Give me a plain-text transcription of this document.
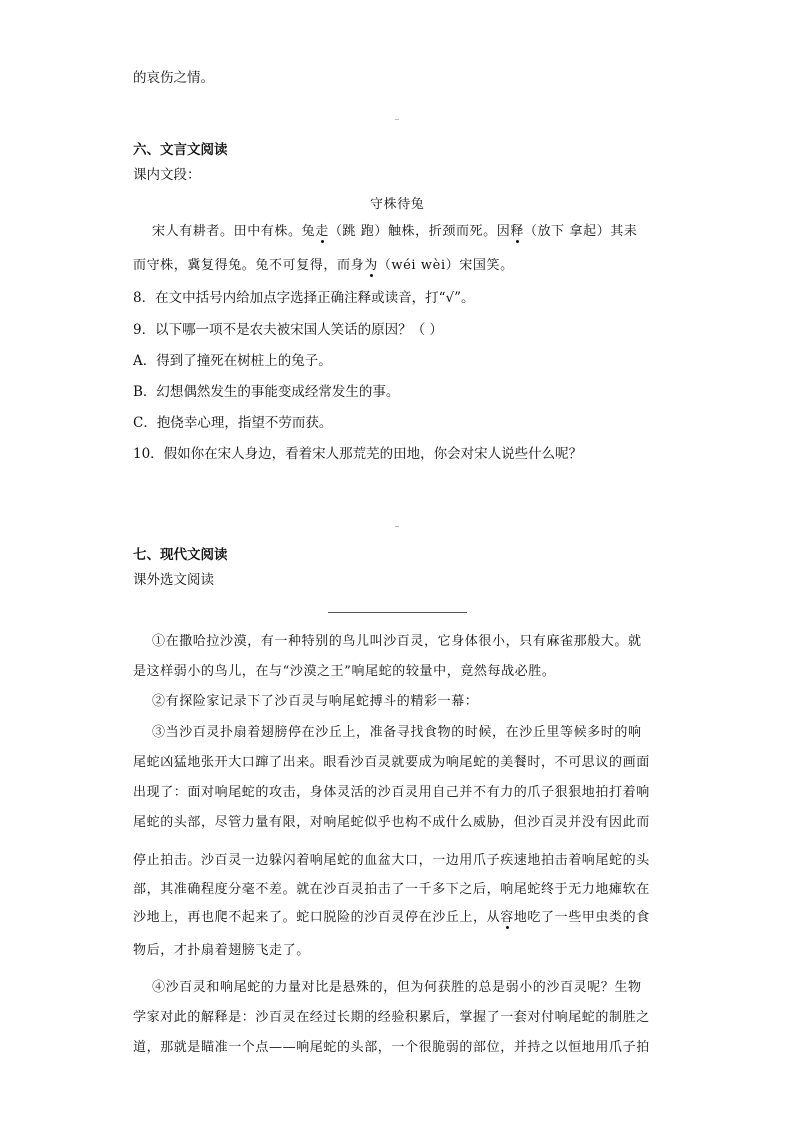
的哀伤之情。
六、文言文阅读
课内文段：
守株待兔
宋人有耕者。田中有株。兔走（跳 跑）触株，折颈而死。因释（放下 拿起）其耒
而守株，冀复得兔。兔不可复得，而身为（wéi wèi）宋国笑。
8．在文中括号内给加点字选择正确注释或读音，打“√”。
9．以下哪一项不是农夫被宋国人笑话的原因？（ ）
A．得到了撞死在树桩上的兔子。
B．幻想偶然发生的事能变成经常发生的事。
C．抱侥幸心理，指望不劳而获。
10．假如你在宋人身边，看着宋人那荒芜的田地，你会对宋人说些什么呢？
七、现代文阅读
课外选文阅读
①在撒哈拉沙漠，有一种特别的鸟儿叫沙百灵，它身体很小，只有麻雀那般大。就
是这样弱小的鸟儿，在与“沙漠之王”响尾蛇的较量中，竟然每战必胜。
②有探险家记录下了沙百灵与响尾蛇搏斗的精彩一幕：
③当沙百灵扑扇着翅膀停在沙丘上，准备寻找食物的时候，在沙丘里等候多时的响
尾蛇凶猛地张开大口蹿了出来。眼看沙百灵就要成为响尾蛇的美餐时，不可思议的画面
出现了：面对响尾蛇的攻击，身体灵活的沙百灵用自己并不有力的爪子狠狠地拍打着响
尾蛇的头部，尽管力量有限，对响尾蛇似乎也构不成什么威胁，但沙百灵并没有因此而
停止拍击。沙百灵一边躲闪着响尾蛇的血盆大口，一边用爪子疾速地拍击着响尾蛇的头
部，其准确程度分毫不差。就在沙百灵拍击了一千多下之后，响尾蛇终于无力地瘫软在
沙地上，再也爬不起来了。蛇口脱险的沙百灵停在沙丘上，从容地吃了一些甲虫类的食
物后，才扑扇着翅膀飞走了。
④沙百灵和响尾蛇的力量对比是悬殊的，但为何获胜的总是弱小的沙百灵呢？生物
学家对此的解释是：沙百灵在经过长期的经验积累后，掌握了一套对付响尾蛇的制胜之
道，那就是瞄准一个点——响尾蛇的头部，一个很脆弱的部位，并持之以恒地用爪子拍
